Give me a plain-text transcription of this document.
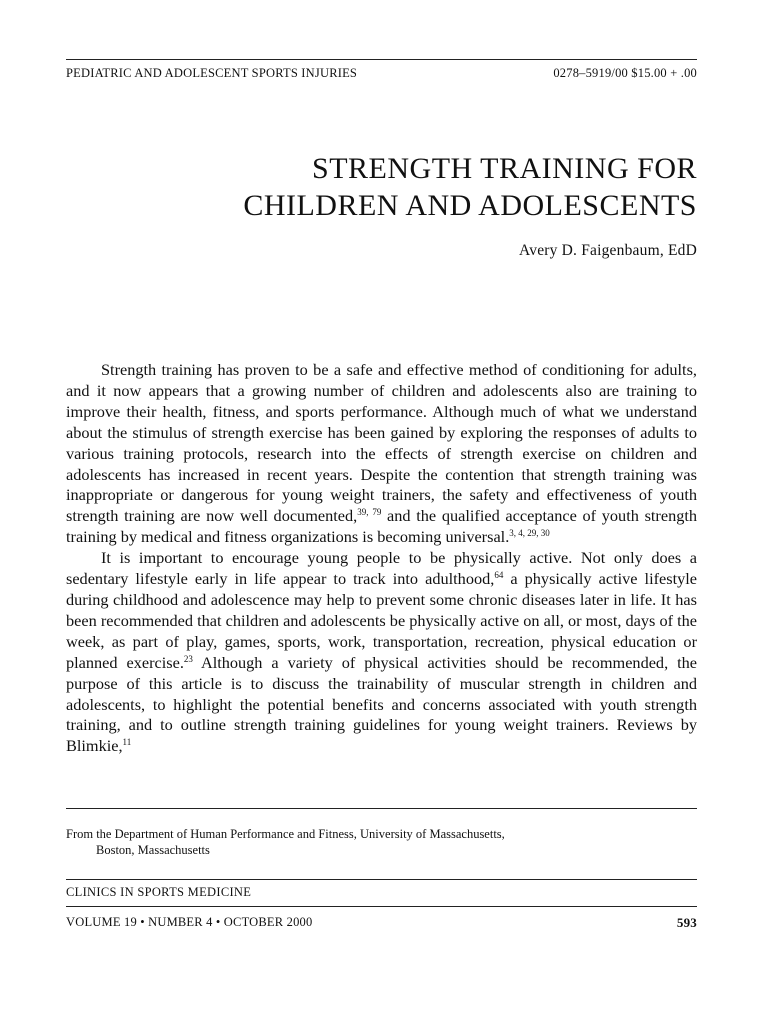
PEDIATRIC AND ADOLESCENT SPORTS INJURIES	0278–5919/00 $15.00 + .00
STRENGTH TRAINING FOR
CHILDREN AND ADOLESCENTS
Avery D. Faigenbaum, EdD

Strength training has proven to be a safe and effective method of conditioning for adults, and it now appears that a growing number of children and adolescents also are training to improve their health, fitness, and sports performance. Although much of what we understand about the stimulus of strength exercise has been gained by exploring the responses of adults to various training protocols, research into the effects of strength exercise on children and adolescents has increased in recent years. Despite the contention that strength training was inappropriate or dangerous for young weight trainers, the safety and effectiveness of youth strength training are now well documented,$^{39, 79}$ and the qualified acceptance of youth strength training by medical and fitness organizations is becoming universal.$^{3, 4, 29, 30}$

It is important to encourage young people to be physically active. Not only does a sedentary lifestyle early in life appear to track into adulthood,$^{64}$ a physically active lifestyle during childhood and adolescence may help to prevent some chronic diseases later in life. It has been recommended that children and adolescents be physically active on all, or most, days of the week, as part of play, games, sports, work, transportation, recreation, physical education or planned exercise.$^{23}$ Although a variety of physical activities should be recommended, the purpose of this article is to discuss the trainability of muscular strength in children and adolescents, to highlight the potential benefits and concerns associated with youth strength training, and to outline strength training guidelines for young weight trainers. Reviews by Blimkie,$^{11}$

From the Department of Human Performance and Fitness, University of Massachusetts,
Boston, Massachusetts
CLINICS IN SPORTS MEDICINE
VOLUME 19 • NUMBER 4 • OCTOBER 2000	593
